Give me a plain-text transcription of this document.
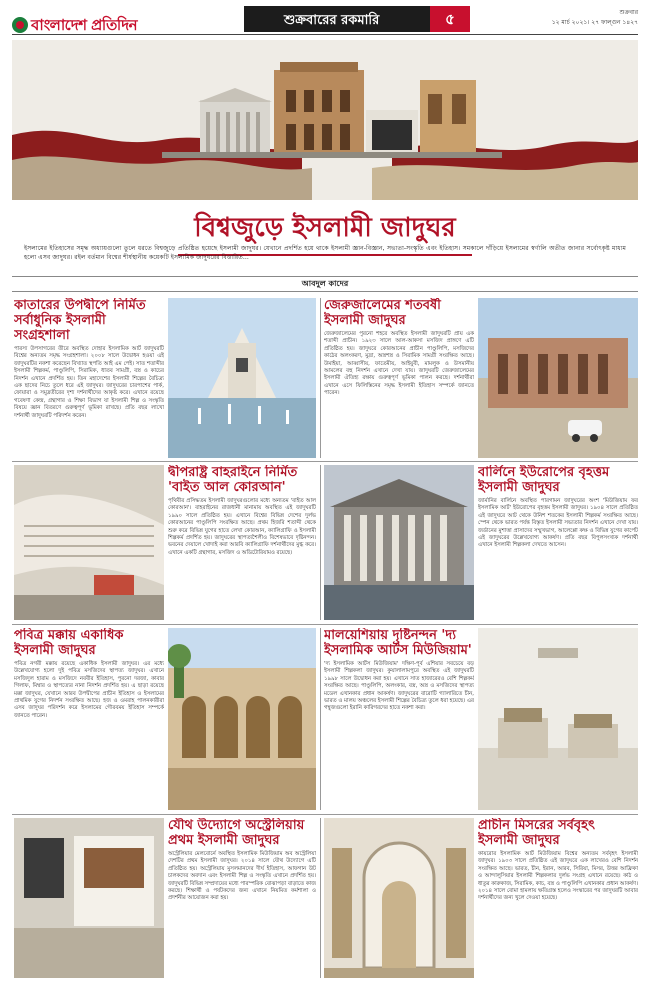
বাংলাদেশ প্রতিদিন	শুক্রবারের রকমারি	৫	শুক্রবার
১২ মার্চ ২০২১। ২৭ ফাল্গুন ১৪২৭
বিশ্বজুড়ে ইসলামী জাদুঘর
ইসলামের ইতিহাসের সমৃদ্ধ অধ্যায়গুলো তুলে ধরতে বিশ্বজুড়ে প্রতিষ্ঠিত হয়েছে ইসলামী জাদুঘর। যেখানে প্রদর্শিত হয়ে থাকে ইসলামী জ্ঞান-বিজ্ঞান, সভ্যতা-সংস্কৃতি এবং ইতিহাস। সমকালে দাঁড়িয়ে ইসলামের স্বর্ণালি অতীত জানার সর্বোৎকৃষ্ট মাধ্যম হলো এসব জাদুঘর। রইল বর্তমান বিশ্বের শীর্ষস্থানীয় কয়েকটি ইসলামিক জাদুঘরের বিত্তারিত...
আবদুল কাদের
কাতারের উপদ্বীপে নির্মিত সর্বাধুনিক ইসলামী সংগ্রহশালা
পারস্য উপসাগরের তীরে অবস্থিত দোহার ইসলামিক আর্ট জাদুঘরটি বিশ্বের অন্যতম সমৃদ্ধ সংগ্রহশালা। ২০০৮ সালে উদ্বোধন হওয়া এই জাদুঘরটির নকশা করেছেন বিখ্যাত স্থপতি আই এম পেই। সাত শতাব্দীর ইসলামী শিল্পকর্ম, পাণ্ডুলিপি, সিরামিক, ধাতব সামগ্রী, বস্ত্র ও কাচের নিদর্শন এখানে প্রদর্শিত হয়। তিন মহাদেশের ইসলামী শিল্পের বৈচিত্র্য এক ছাদের নিচে তুলে ধরে এই জাদুঘর। জাদুঘরের চারপাশের পার্ক, ফোয়ারা ও সমুদ্রতীরের দৃশ্য দর্শনার্থীদের আকৃষ্ট করে। এখানে রয়েছে গবেষণা কেন্দ্র, গ্রন্থাগার ও শিক্ষা বিভাগ যা ইসলামী শিল্প ও সংস্কৃতি বিষয়ে জ্ঞান বিতরণে গুরুত্বপূর্ণ ভূমিকা রাখছে। প্রতি বছর লাখো দর্শনার্থী জাদুঘরটি পরিদর্শন করেন।
জেরুজালেমের শতবর্ষী ইসলামী জাদুঘর
জেরুজালেমের পুরনো শহরে অবস্থিত ইসলামী জাদুঘরটি প্রায় এক শতাব্দী প্রাচীন। ১৯২৩ সালে আল-আকসা মসজিদ প্রাঙ্গণে এটি প্রতিষ্ঠিত হয়। জাদুঘরে কোরআনের প্রাচীন পাণ্ডুলিপি, মসজিদের কাঠের অলংকরণ, মুদ্রা, অস্ত্রশস্ত্র ও সিরামিক সামগ্রী সংরক্ষিত আছে। উমাইয়া, আব্বাসীয়, ফাতেমীয়, আইয়ুবী, মামলুক ও উসমানীয় আমলের বহু নিদর্শন এখানে দেখা যায়। জাদুঘরটি জেরুজালেমের ইসলামী ঐতিহ্য রক্ষায় গুরুত্বপূর্ণ ভূমিকা পালন করছে। দর্শনার্থীরা এখানে এসে ফিলিস্তিনের সমৃদ্ধ ইসলামী ইতিহাস সম্পর্কে জানতে পারেন।
দ্বীপরাষ্ট্র বাহরাইনে নির্মিত 'বাইত আল কোরআন'
পৃথিবীর প্রসিদ্ধতম ইসলামী জাদুঘরগুলোর মধ্যে অন্যতম 'বাইত আল কোরআন'। বাহরাইনের রাজধানী মানামায় অবস্থিত এই জাদুঘরটি ১৯৯০ সালে প্রতিষ্ঠিত হয়। এখানে বিশ্বের বিভিন্ন দেশের দুর্লভ কোরআনের পাণ্ডুলিপি সংরক্ষিত আছে। প্রথম হিজরি শতাব্দী থেকে শুরু করে বিভিন্ন যুগের হাতে লেখা কোরআন, ক্যালিগ্রাফি ও ইসলামী শিল্পকর্ম প্রদর্শিত হয়। জাদুঘরের স্থাপত্যশৈলীও বিশেষভাবে দৃষ্টিনন্দন। ভবনের দেয়ালে খোদাই করা আরবি ক্যালিগ্রাফি দর্শনার্থীদের মুগ্ধ করে। এখানে একটি গ্রন্থাগার, মসজিদ ও অডিটোরিয়ামও রয়েছে।
বার্লিনে ইউরোপের বৃহত্তম ইসলামী জাদুঘর
জার্মানির বার্লিনে অবস্থিত পারগামন জাদুঘরের অংশ 'মিউজিয়াম ফর ইসলামিক আর্ট' ইউরোপের বৃহত্তম ইসলামী জাদুঘর। ১৯০৪ সালে প্রতিষ্ঠিত এই জাদুঘরে আট থেকে উনিশ শতকের ইসলামী শিল্পকর্ম সংরক্ষিত আছে। স্পেন থেকে ভারত পর্যন্ত বিস্তৃত ইসলামী সভ্যতার নিদর্শন এখানে দেখা যায়। জর্ডানের মুশাত্তা প্রাসাদের সম্মুখভাগ, আলেপ্পো কক্ষ ও বিভিন্ন যুগের কার্পেট এই জাদুঘরের উল্লেখযোগ্য আকর্ষণ। প্রতি বছর বিপুলসংখ্যক দর্শনার্থী এখানে ইসলামী শিল্পকলা দেখতে আসেন।
পবিত্র মক্কায় একাধিক ইসলামী জাদুঘর
পবিত্র নগরী মক্কায় রয়েছে একাধিক ইসলামী জাদুঘর। এর মধ্যে উল্লেখযোগ্য হলো দুই পবিত্র মসজিদের স্থাপত্য জাদুঘর। এখানে মসজিদুল হারাম ও মসজিদে নববীর ইতিহাস, পুরনো দরজা, কাবার গিলাফ, মিম্বার ও স্থাপত্যের নানা নিদর্শন প্রদর্শিত হয়। এ ছাড়া রয়েছে মক্কা জাদুঘর, যেখানে আরব উপদ্বীপের প্রাচীন ইতিহাস ও ইসলামের প্রাথমিক যুগের নিদর্শন সংরক্ষিত আছে। হজ ও ওমরাহ পালনকারীরা এসব জাদুঘর পরিদর্শন করে ইসলামের গৌরবময় ইতিহাস সম্পর্কে জানতে পারেন।
মালয়েশিয়ায় দৃষ্টিনন্দন 'দ্য ইসলামিক আর্টস মিউজিয়াম'
'দ্য ইসলামিক আর্টস মিউজিয়াম' দক্ষিণ-পূর্ব এশিয়ার সবচেয়ে বড় ইসলামী শিল্পকলা জাদুঘর। কুয়ালালামপুরে অবস্থিত এই জাদুঘরটি ১৯৯৮ সালে উদ্বোধন করা হয়। এখানে সাত হাজারেরও বেশি শিল্পকর্ম সংরক্ষিত আছে। পাণ্ডুলিপি, অলংকার, বস্ত্র, অস্ত্র ও মসজিদের স্থাপত্য মডেল এখানকার প্রধান আকর্ষণ। জাদুঘরের বারোটি গ্যালারিতে চীন, ভারত ও মালয় অঞ্চলের ইসলামী শিল্পের বৈচিত্র্য তুলে ধরা হয়েছে। এর গম্বুজগুলো ইরানি কারিগরদের হাতে নকশা করা।
যৌথ উদ্যোগে অস্ট্রেলিয়ায় প্রথম ইসলামী জাদুঘর
অস্ট্রেলিয়ার মেলবোর্নে অবস্থিত ইসলামিক মিউজিয়াম অব অস্ট্রেলিয়া দেশটির প্রথম ইসলামী জাদুঘর। ২০১৪ সালে যৌথ উদ্যোগে এটি প্রতিষ্ঠিত হয়। অস্ট্রেলিয়ায় মুসলমানদের দীর্ঘ ইতিহাস, আফগান উট চালকদের অবদান এবং ইসলামী শিল্প ও সংস্কৃতি এখানে প্রদর্শিত হয়। জাদুঘরটি বিভিন্ন সম্প্রদায়ের মধ্যে পারস্পরিক বোঝাপড়া বাড়াতে কাজ করছে। শিক্ষার্থী ও পর্যটকদের জন্য এখানে নিয়মিত কর্মশালা ও প্রদর্শনীর আয়োজন করা হয়।
প্রাচীন মিসরের সর্ববৃহৎ ইসলামী জাদুঘর
কায়রোর ইসলামিক আর্ট মিউজিয়াম বিশ্বের অন্যতম সর্ববৃহৎ ইসলামী জাদুঘর। ১৯০৩ সালে প্রতিষ্ঠিত এই জাদুঘরে এক লাখেরও বেশি নিদর্শন সংরক্ষিত আছে। ভারত, চীন, ইরান, আরব, সিরিয়া, মিসর, উত্তর আফ্রিকা ও আন্দালুসিয়ার ইসলামী শিল্পকলার দুর্লভ সংগ্রহ এখানে রয়েছে। কাঠ ও ধাতুর কারুকাজ, সিরামিক, কাচ, বস্ত্র ও পাণ্ডুলিপি এখানকার প্রধান আকর্ষণ। ২০১৪ সালে বোমা হামলায় ক্ষতিগ্রস্ত হলেও সংস্কারের পর জাদুঘরটি আবার দর্শনার্থীদের জন্য খুলে দেওয়া হয়েছে।
